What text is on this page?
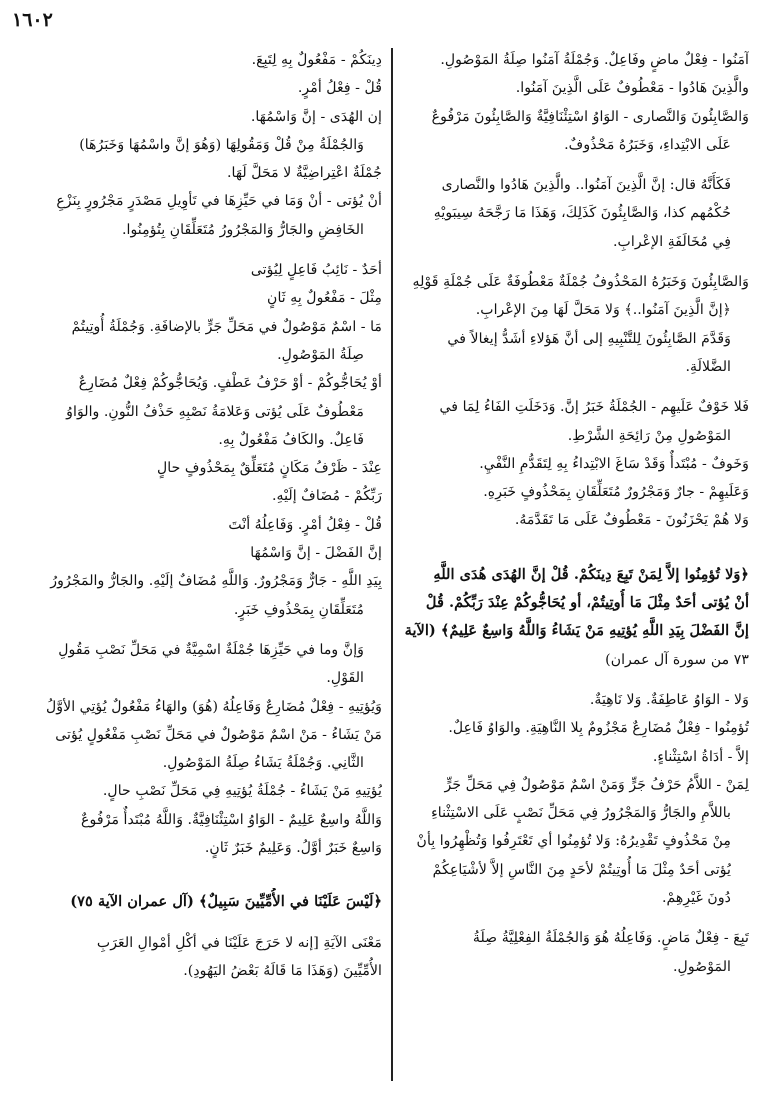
١٦٠٢
آمَنُوا - فِعْلٌ ماضٍ وفَاعِلٌ. وَجُمْلَةُ آمَنُوا صِلَةُ المَوْصُولِ.
والَّذِينَ هَادُوا - مَعْطُوفٌ عَلَى الَّذِينَ آمَنُوا.
وَالصَّابِئُونَ وَالنَّصارى - الوَاوُ اسْتِئْنَافِيَّةٌ وَالصَّابِئُونَ مَرْفُوعٌ
عَلَى الابْتِداءِ، وَخَبَرُهُ مَحْذُوفٌ.
فَكَأَنَّهُ قال: إنَّ الَّذِينَ آمَنُوا.. والَّذِينَ هَادُوا والنَّصارى
حُكْمُهم كذا، وَالصَّابِئُونَ كَذَلِكَ، وَهَذَا مَا رَجَّحَهُ سِيبَويْهِ
فِي مُخَالَفَةِ الإعْرابِ.
وَالصَّابِئُونَ وَخَبَرُهُ المَحْذُوفُ جُمْلَةٌ مَعْطُوفَةٌ عَلَى جُمْلَةِ قَوْلِهِ
﴿إنَّ الَّذِينَ آمَنُوا..﴾ وَلا مَحَلَّ لَهَا مِنَ الإعْرابِ.
وَقَدَّمَ الصَّابِئُونَ لِلتَّنْبِيهِ إلى أنَّ هَؤلاءِ أشَدُّ إيغالاً في
الضَّلالَةِ.
فَلا خَوْفٌ عَلَيهِم - الجُمْلَةُ خَبَرُ إنَّ. وَدَخَلَتِ الفَاءُ لِمَا في
المَوْصُولِ مِنْ رَائِحَةِ الشَّرْطِ.
وَخَوفٌ - مُبْتَدأٌ وَقَدْ سَاغَ الابْتِداءُ بِهِ لِتَقَدُّمِ النَّفْيِ.
وَعَلَيهِمْ - جارٌ وَمَجْرُورٌ مُتَعَلِّقَانِ بِمَحْذُوفٍ خَبَرِهِ.
وَلا هُمْ يَحْزَنُونَ - مَعْطُوفٌ عَلَى مَا تَقَدَّمَهُ.
﴿وَلا تُؤمِنُوا إلاَّ لِمَنْ تَبِعَ دِينَكُمْ. قُلْ إنَّ الهُدَى هُدَى اللَّهِ
أنْ يُؤتى أحَدٌ مِثْلَ مَا أُوتِيتُمْ، أو يُحَاجُّوكُمْ عِنْدَ رَبِّكُمْ. قُلْ
إنَّ الفَضْلَ بِيَدِ اللَّهِ يُؤتِيهِ مَنْ يَشَاءُ وَاللَّهُ وَاسِعٌ عَلِيمٌ﴾ (الآية
٧٣ من سورة آل عمران)
وَلا - الوَاوُ عَاطِفَةٌ. وَلا نَاهِيَةٌ.
تُؤمِنُوا - فِعْلٌ مُضَارِعٌ مَجْزُومٌ بِلا النَّاهِيَةِ. والوَاوُ فَاعِلٌ.
إلاَّ - أدَاةُ اسْتِثْناءٍ.
لِمَنْ - اللاَّمُ حَرْفُ جَرٍّ وَمَنْ اسْمٌ مَوْصُولٌ فِي مَحَلِّ جَرٍّ
باللاَّمِ والجَارُّ وَالمَجْرُورُ فِي مَحَلِّ نَصْبٍ عَلَى الاسْتِثْناءِ
مِنْ مَحْذُوفٍ تَقْدِيرُهُ: وَلا تُؤمِنُوا أي تَعْتَرِفُوا وَتُظْهِرُوا بِأنْ
يُؤتى أحَدٌ مِثْلَ مَا أُوتِيتُمْ لأحَدٍ مِنَ النَّاسِ إلاَّ لأشْيَاعِكُمْ
دُونَ غَيْرِهِمْ.
تَبِعَ - فِعْلٌ مَاضٍ. وَفَاعِلُهُ هُوَ وَالجُمْلَةُ الفِعْلِيَّةُ صِلَةُ
المَوْصُولِ.
دِينَكُمْ - مَفْعُولٌ بِهِ لِتَبِعَ.
قُلْ - فِعْلُ أمْرٍ.
إن الهُدَى - إنَّ وَاسْمُهَا.
وَالجُمْلَةُ مِنْ قُلْ وَمَقُولِهَا (وَهُوَ إنَّ واسْمُهَا وَخَبَرُهَا)
جُمْلَةٌ اعْتِراضِيَّةٌ لا مَحَلَّ لَهَا.
أنْ يُؤتى - أنْ وَمَا في حَيِّزِهَا في تَأوِيلِ مَصْدَرٍ مَجْرُورٍ بِنَزْعِ
الخَافِضِ والجَارُّ وَالمَجْرُورُ مُتَعَلِّقَانِ بِتُؤمِنُوا.
أحَدٌ - نَائِبُ فَاعِلٍ لِيُؤتى
مِثْلَ - مَفْعُولٌ بِهِ ثَانٍ
مَا - اسْمٌ مَوْصُولٌ في مَحَلِّ جَرٍّ بالإضافَةِ. وَجُمْلَةُ أُوتِيتُمْ
صِلَةُ المَوْصُولِ.
أوْ يُحَاجُّوكُمْ - أوْ حَرْفُ عَطْفٍ. وَيُحَاجُّوكُمْ فِعْلٌ مُضَارِعٌ
مَعْطُوفٌ عَلَى يُؤتى وَعَلامَةُ نَصْبِهِ حَذْفُ النُّونِ. والوَاوُ
فَاعِلٌ. والكَافُ مَفْعُولٌ بِهِ.
عِنْدَ - ظَرْفُ مَكَانٍ مُتَعَلِّقٌ بِمَحْذُوفٍ حالٍ
رَبِّكُمْ - مُضَافٌ إلَيْهِ.
قُلْ - فِعْلُ أمْرٍ. وَفَاعِلُهُ أنْتَ
إنَّ الفَضْلَ - إنَّ وَاسْمُهَا
بِيَدِ اللَّهِ - جَارٌّ وَمَجْرُورٌ. وَاللَّهِ مُضَافٌ إلَيْهِ. والجَارُّ والمَجْرُورُ
مُتَعَلِّقَانِ بِمَحْذُوفِ خَبَرٍ.
وَإنَّ وما في حَيِّزِهَا جُمْلَةٌ اسْمِيَّةٌ في مَحَلِّ نَصْبِ مَقُولِ
القَوْلِ.
وَيُؤتِيهِ - فِعْلٌ مُضَارِعٌ وَفَاعِلُهُ (هُوَ) والهَاءُ مَفْعُولٌ يُؤتِي الأوَّلُ
مَنْ يَشَاءُ - مَنْ اسْمٌ مَوْصُولٌ في مَحَلِّ نَصْبِ مَفْعُولٍ يُؤتى
الثَّانِي. وَجُمْلَةُ يَشَاءُ صِلَةُ المَوْصُولِ.
يُؤتِيهِ مَنْ يَشَاءُ - جُمْلَةُ يُؤتِيهِ فِي مَحَلِّ نَصْبِ حالٍ.
وَاللَّهُ واسِعٌ عَلِيمٌ - الوَاوُ اسْتِئْنَافِيَّةٌ. وَاللَّهُ مُبْتَدأٌ مَرْفُوعٌ
وَاسِعٌ خَبَرٌ أوَّلُ. وَعَلِيمٌ خَبَرٌ ثَانٍ.
﴿لَيْسَ عَلَيْنَا في الأُمِّيِّينَ سَبِيلٌ﴾ (آل عمران الآية ٧٥)
مَعْنَى الآيَةِ [إنه لا حَرَجَ عَلَيْنَا في أكْلِ أمْوالِ العَرَبِ
الأُمِّيِّينَ (وَهَذَا مَا قَالَهُ بَعْضُ اليَهُودِ).
